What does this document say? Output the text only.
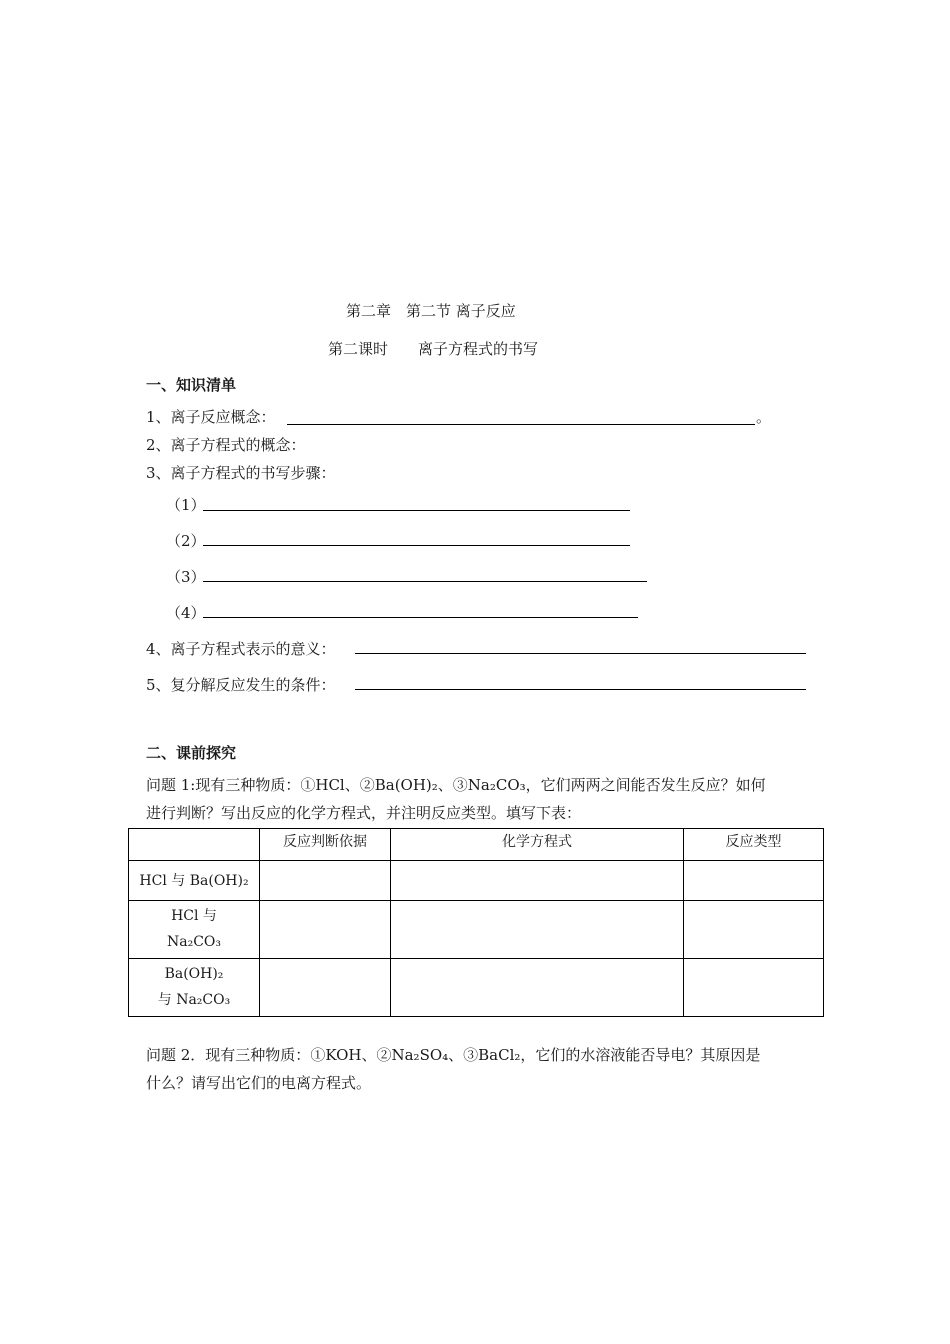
第二章　第二节 离子反应
第二课时　　离子方程式的书写
一、知识清单
1、离子反应概念：	。
2、离子方程式的概念：
3、离子方程式的书写步骤：
（1）
（2）
（3）
（4）
4、离子方程式表示的意义：
5、复分解反应发生的条件：
二、课前探究
问题 1:现有三种物质：①HCl、②Ba(OH)₂、③Na₂CO₃，它们两两之间能否发生反应？如何
进行判断？写出反应的化学方程式，并注明反应类型。填写下表：
	反应判断依据	化学方程式	反应类型
HCl 与 Ba(OH)₂			

HCl 与
Na₂CO₃			

Ba(OH)₂
与 Na₂CO₃			

问题 2．现有三种物质：①KOH、②Na₂SO₄、③BaCl₂，它们的水溶液能否导电？其原因是
什么？请写出它们的电离方程式。
